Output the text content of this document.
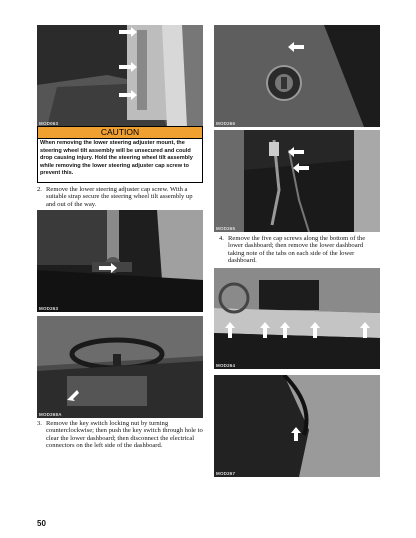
MOD063	MOD266
CAUTION
When removing the lower steering adjuster mount, the steering wheel tilt assembly will be unsecured and could drop causing injury. Hold the steering wheel tilt assembly while removing the lower steering adjuster cap screw to prevent this.
2. Remove the lower steering adjuster cap screw. With a suitable strap secure the steering wheel tilt assembly up and out of the way.
MOD265
MOD263
4. Remove the five cap screws along the bottom of the lower dashboard; then remove the lower dashboard taking note of the tabs on each side of the lower dashboard.
MOD264
MOD268A
3. Remove the key switch locking nut by turning counterclockwise; then push the key switch through hole to clear the lower dashboard; then disconnect the electrical connectors on the left side of the dashboard.
MOD267
50
